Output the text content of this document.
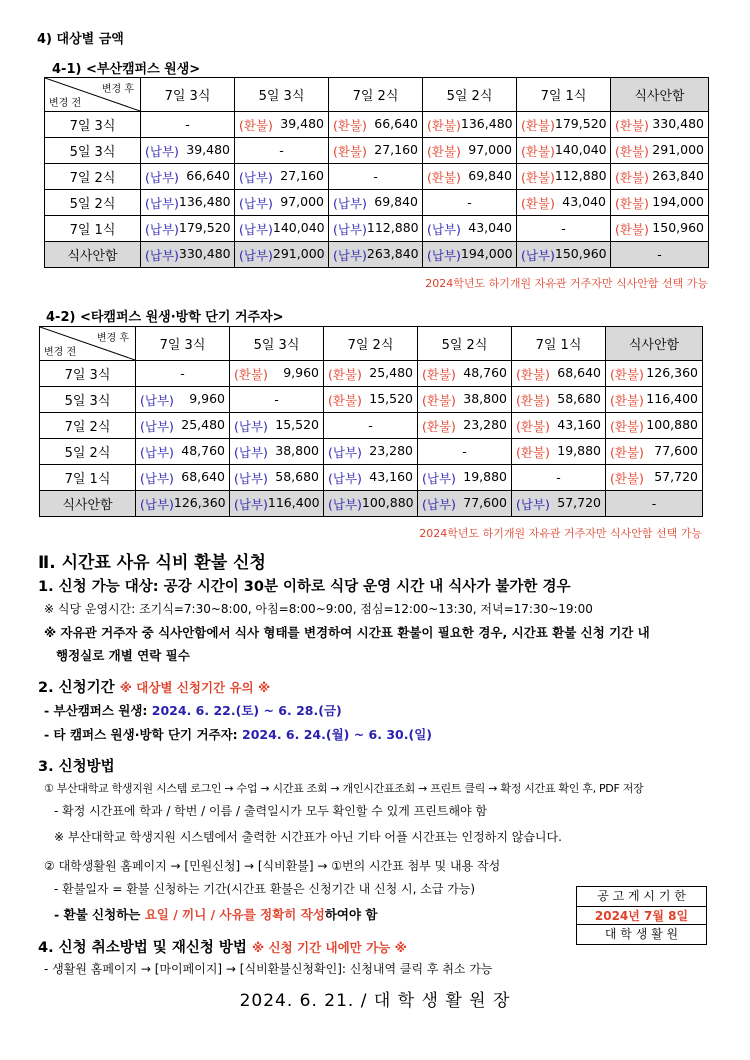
4) 대상별 금액
4-1) <부산캠퍼스 원생>
변경 후
변경 전	7일 3식	5일 3식	7일 2식	5일 2식	7일 1식	식사안함
7일 3식	-	(환불) 39,480	(환불) 66,640	(환불) 136,480	(환불) 179,520	(환불) 330,480

5일 3식	(납부) 39,480	-	(환불) 27,160	(환불) 97,000	(환불) 140,040	(환불) 291,000

7일 2식	(납부) 66,640	(납부) 27,160	-	(환불) 69,840	(환불) 112,880	(환불) 263,840

5일 2식	(납부) 136,480	(납부) 97,000	(납부) 69,840	-	(환불) 43,040	(환불) 194,000

7일 1식	(납부) 179,520	(납부) 140,040	(납부) 112,880	(납부) 43,040	-	(환불) 150,960

식사안함	(납부) 330,480	(납부) 291,000	(납부) 263,840	(납부) 194,000	(납부) 150,960	-
2024학년도 하기개원 자유관 거주자만 식사안함 선택 가능
4-2) <타캠퍼스 원생·방학 단기 거주자>
변경 후
변경 전	7일 3식	5일 3식	7일 2식	5일 2식	7일 1식	식사안함
7일 3식	-	(환불) 9,960	(환불) 25,480	(환불) 48,760	(환불) 68,640	(환불) 126,360

5일 3식	(납부) 9,960	-	(환불) 15,520	(환불) 38,800	(환불) 58,680	(환불) 116,400

7일 2식	(납부) 25,480	(납부) 15,520	-	(환불) 23,280	(환불) 43,160	(환불) 100,880

5일 2식	(납부) 48,760	(납부) 38,800	(납부) 23,280	-	(환불) 19,880	(환불) 77,600

7일 1식	(납부) 68,640	(납부) 58,680	(납부) 43,160	(납부) 19,880	-	(환불) 57,720

식사안함	(납부) 126,360	(납부) 116,400	(납부) 100,880	(납부) 77,600	(납부) 57,720	-
2024학년도 하기개원 자유관 거주자만 식사안함 선택 가능
Ⅱ. 시간표 사유 식비 환불 신청
1. 신청 가능 대상: 공강 시간이 30분 이하로 식당 운영 시간 내 식사가 불가한 경우
※ 식당 운영시간: 조기식=7:30~8:00, 아침=8:00~9:00, 점심=12:00~13:30, 저녁=17:30~19:00
※ 자유관 거주자 중 식사안함에서 식사 형태를 변경하여 시간표 환불이 필요한 경우, 시간표 환불 신청 기간 내
행정실로 개별 연락 필수
2. 신청기간 ※ 대상별 신청기간 유의 ※
- 부산캠퍼스 원생: 2024. 6. 22.(토) ~ 6. 28.(금)
- 타 캠퍼스 원생·방학 단기 거주자: 2024. 6. 24.(월) ~ 6. 30.(일)
3. 신청방법
① 부산대학교 학생지원 시스템 로그인 → 수업 → 시간표 조회 → 개인시간표조회 → 프린트 클릭 → 확정 시간표 확인 후, PDF 저장
- 확정 시간표에 학과 / 학번 / 이름 / 출력일시가 모두 확인할 수 있게 프린트해야 함
※ 부산대학교 학생지원 시스템에서 출력한 시간표가 아닌 기타 어플 시간표는 인정하지 않습니다.
② 대학생활원 홈페이지 → [민원신청] → [식비환불] → ①번의 시간표 첨부 및 내용 작성
- 환불일자 = 환불 신청하는 기간(시간표 환불은 신청기간 내 신청 시, 소급 가능)
- 환불 신청하는 요일 / 끼니 / 사유를 정확히 작성하여야 함
4. 신청 취소방법 및 재신청 방법 ※ 신청 기간 내에만 가능 ※
- 생활원 홈페이지 → [마이페이지] → [식비환불신청확인]: 신청내역 클릭 후 취소 가능
공 고 게 시 기 한
2024년 7월 8일
대 학 생 활 원
2024. 6. 21. / 대 학 생 활 원 장
